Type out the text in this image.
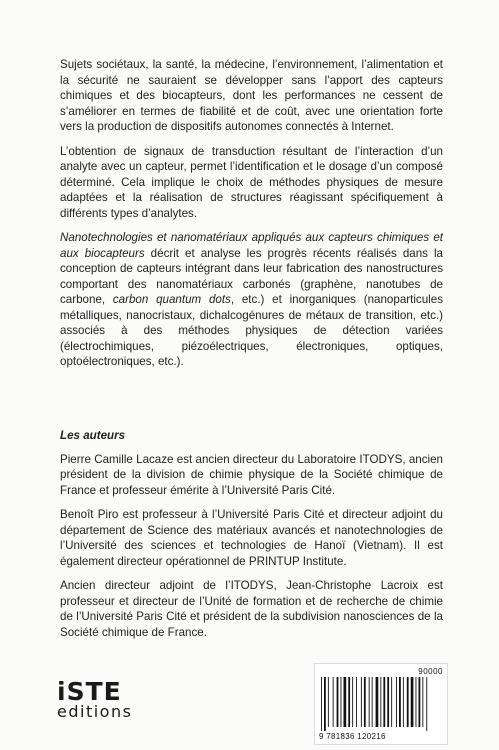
Sujets sociétaux, la santé, la médecine, l’environnement, l’alimentation et la sécurité ne sauraient se développer sans l’apport des capteurs chimiques et des biocapteurs, dont les performances ne cessent de s’améliorer en termes de fiabilité et de coût, avec une orientation forte vers la production de dispositifs autonomes connectés à Internet.

L’obtention de signaux de transduction résultant de l’interaction d’un analyte avec un capteur, permet l’identification et le dosage d’un composé déterminé. Cela implique le choix de méthodes physiques de mesure adaptées et la réalisation de structures réagissant spécifiquement à différents types d’analytes.

Nanotechnologies et nanomatériaux appliqués aux capteurs chimiques et aux biocapteurs décrit et analyse les progrès récents réalisés dans la conception de capteurs intégrant dans leur fabrication des nanostructures comportant des nanomatériaux carbonés (graphène, nanotubes de carbone, carbon quantum dots, etc.) et inorganiques (nanoparticules métalliques, nanocristaux, dichalcogénures de métaux de transition, etc.) associés à des méthodes physiques de détection variées (électrochimiques, piézoélectriques, électroniques, optiques, optoélectroniques, etc.).

Les auteurs

Pierre Camille Lacaze est ancien directeur du Laboratoire ITODYS, ancien président de la division de chimie physique de la Société chimique de France et professeur émérite à l’Université Paris Cité.

Benoît Piro est professeur à l’Université Paris Cité et directeur adjoint du département de Science des matériaux avancés et nanotechnologies de l’Université des sciences et technologies de Hanoï (Vietnam). Il est également directeur opérationnel de PRINTUP Institute.

Ancien directeur adjoint de l’ITODYS, Jean-Christophe Lacroix est professeur et directeur de l’Unité de formation et de recherche de chimie de l’Université Paris Cité et président de la subdivision nanosciences de la Société chimique de France.

iSTE
editions
90000
9 781836 120216
